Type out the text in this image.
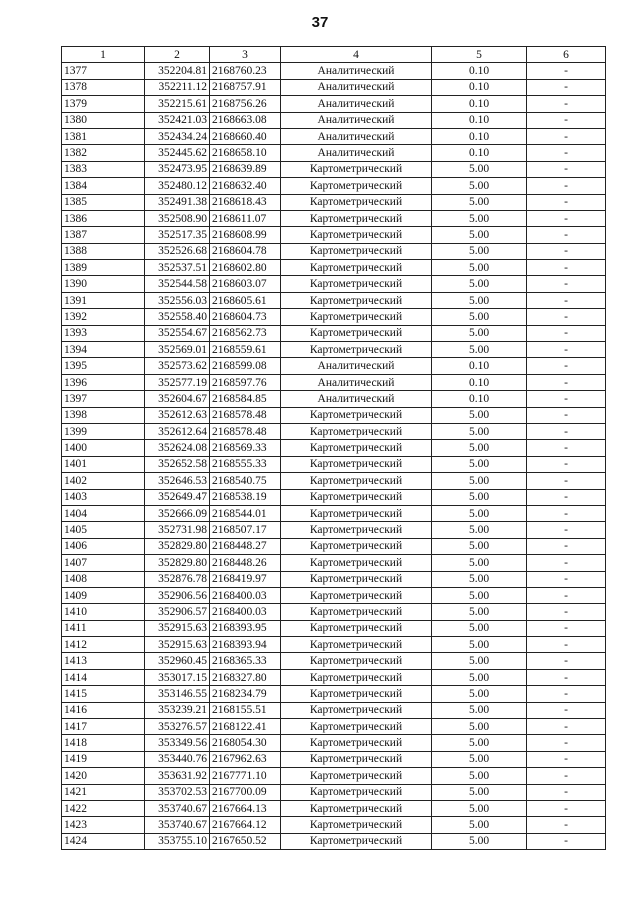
37
1	2	3	4	5	6
1377	352204.81	2168760.23	Аналитический	0.10	-
1378	352211.12	2168757.91	Аналитический	0.10	-
1379	352215.61	2168756.26	Аналитический	0.10	-
1380	352421.03	2168663.08	Аналитический	0.10	-
1381	352434.24	2168660.40	Аналитический	0.10	-
1382	352445.62	2168658.10	Аналитический	0.10	-
1383	352473.95	2168639.89	Картометрический	5.00	-
1384	352480.12	2168632.40	Картометрический	5.00	-
1385	352491.38	2168618.43	Картометрический	5.00	-
1386	352508.90	2168611.07	Картометрический	5.00	-
1387	352517.35	2168608.99	Картометрический	5.00	-
1388	352526.68	2168604.78	Картометрический	5.00	-
1389	352537.51	2168602.80	Картометрический	5.00	-
1390	352544.58	2168603.07	Картометрический	5.00	-
1391	352556.03	2168605.61	Картометрический	5.00	-
1392	352558.40	2168604.73	Картометрический	5.00	-
1393	352554.67	2168562.73	Картометрический	5.00	-
1394	352569.01	2168559.61	Картометрический	5.00	-
1395	352573.62	2168599.08	Аналитический	0.10	-
1396	352577.19	2168597.76	Аналитический	0.10	-
1397	352604.67	2168584.85	Аналитический	0.10	-
1398	352612.63	2168578.48	Картометрический	5.00	-
1399	352612.64	2168578.48	Картометрический	5.00	-
1400	352624.08	2168569.33	Картометрический	5.00	-
1401	352652.58	2168555.33	Картометрический	5.00	-
1402	352646.53	2168540.75	Картометрический	5.00	-
1403	352649.47	2168538.19	Картометрический	5.00	-
1404	352666.09	2168544.01	Картометрический	5.00	-
1405	352731.98	2168507.17	Картометрический	5.00	-
1406	352829.80	2168448.27	Картометрический	5.00	-
1407	352829.80	2168448.26	Картометрический	5.00	-
1408	352876.78	2168419.97	Картометрический	5.00	-
1409	352906.56	2168400.03	Картометрический	5.00	-
1410	352906.57	2168400.03	Картометрический	5.00	-
1411	352915.63	2168393.95	Картометрический	5.00	-
1412	352915.63	2168393.94	Картометрический	5.00	-
1413	352960.45	2168365.33	Картометрический	5.00	-
1414	353017.15	2168327.80	Картометрический	5.00	-
1415	353146.55	2168234.79	Картометрический	5.00	-
1416	353239.21	2168155.51	Картометрический	5.00	-
1417	353276.57	2168122.41	Картометрический	5.00	-
1418	353349.56	2168054.30	Картометрический	5.00	-
1419	353440.76	2167962.63	Картометрический	5.00	-
1420	353631.92	2167771.10	Картометрический	5.00	-
1421	353702.53	2167700.09	Картометрический	5.00	-
1422	353740.67	2167664.13	Картометрический	5.00	-
1423	353740.67	2167664.12	Картометрический	5.00	-
1424	353755.10	2167650.52	Картометрический	5.00	-
